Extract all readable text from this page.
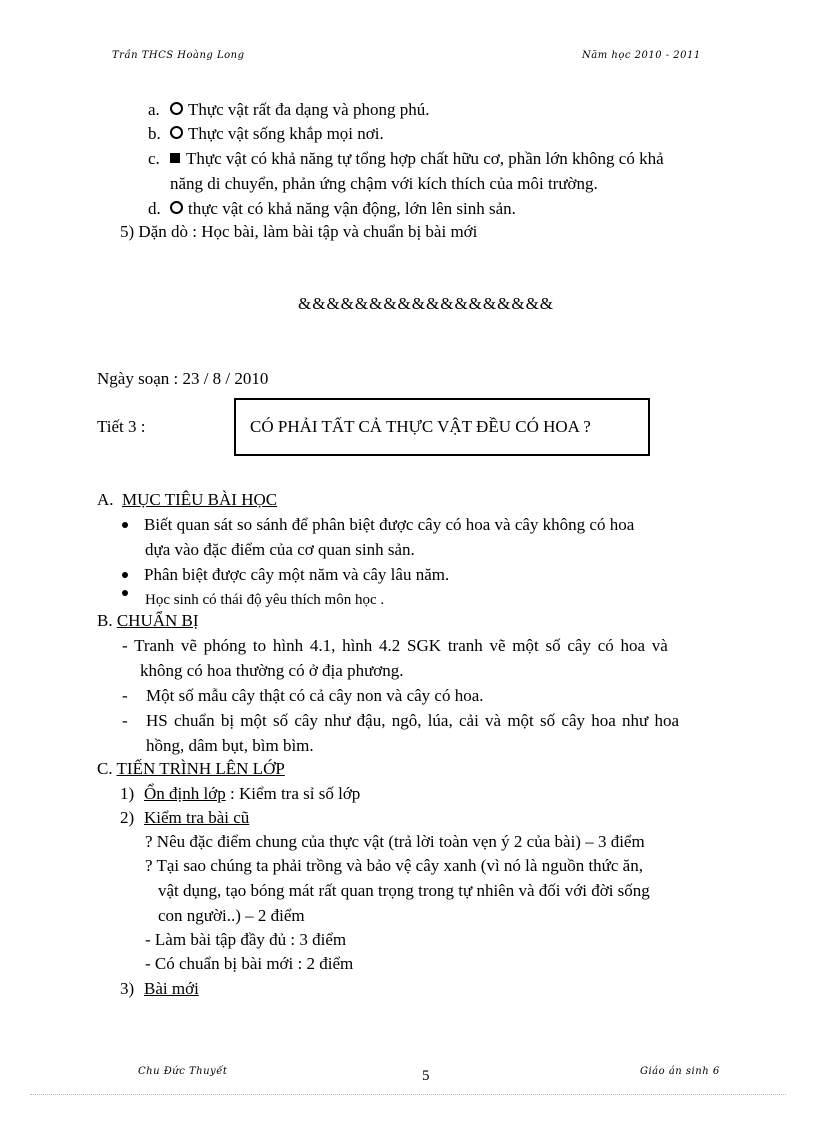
Trần THCS Hoàng Long	Năm học 2010 - 2011
a. Thực vật rất đa dạng và phong phú.
b. Thực vật sống khắp mọi nơi.
c. Thực vật có khả năng tự tổng hợp chất hữu cơ, phần lớn không có khả
năng di chuyển, phản ứng chậm với kích thích của môi trường.
d. thực vật có khả năng vận động, lớn lên sinh sản.
5) Dặn dò : Học bài, làm bài tập và chuẩn bị bài mới
&&&&&&&&&&&&&&&&&&
Ngày soạn : 23 / 8 / 2010
Tiết 3 :	CÓ PHẢI TẤT CẢ THỰC VẬT ĐỀU CÓ HOA ?
A. MỤC TIÊU BÀI HỌC
Biết quan sát so sánh để phân biệt được cây có hoa và cây không có hoa
dựa vào đặc điểm của cơ quan sinh sản.
Phân biệt được cây một năm và cây lâu năm.
Học sinh có thái độ yêu thích môn học .
B. CHUẨN BỊ
- Tranh vẽ phóng to hình 4.1, hình 4.2 SGK tranh vẽ một số cây có hoa và
không có hoa thường có ở địa phương.
- Một số mẫu cây thật có cả cây non và cây có hoa.
- HS chuẩn bị một số cây như đậu, ngô, lúa, cải và một số cây hoa như hoa
hồng, dâm bụt, bìm bìm.
C. TIẾN TRÌNH LÊN LỚP
1) Ổn định lớp : Kiểm tra sỉ số lớp
2) Kiểm tra bài cũ
? Nêu đặc điểm chung của thực vật (trả lời toàn vẹn ý 2 của bài) – 3 điểm
? Tại sao chúng ta phải trồng và bảo vệ cây xanh (vì nó là nguồn thức ăn,
vật dụng, tạo bóng mát rất quan trọng trong tự nhiên và đối với đời sống
con người..) – 2 điểm
- Làm bài tập đầy đủ : 3 điểm
- Có chuẩn bị bài mới : 2 điểm
3) Bài mới
Chu Đức Thuyết	5	Giáo án sinh 6
